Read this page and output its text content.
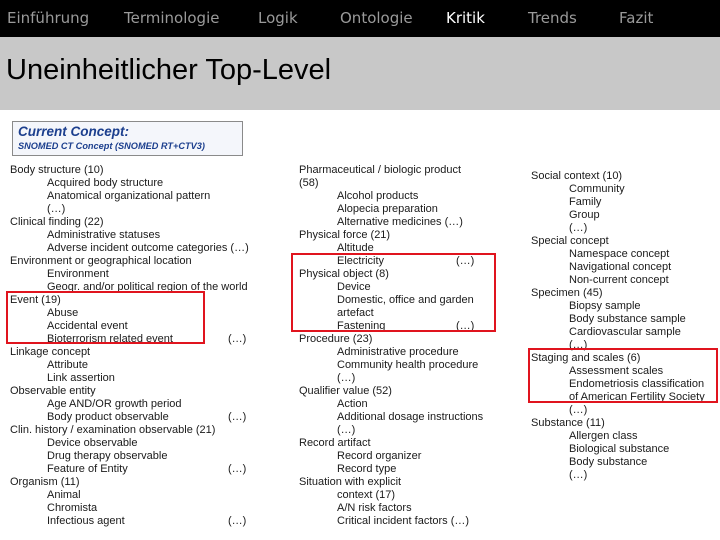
Einführung Terminologie	Logik	Ontologie Kritik	Trends	Fazit
Uneinheitlicher Top-Level
Current Concept:
SNOMED CT Concept (SNOMED RT+CTV3)
Body structure (10)
Acquired body structure
Anatomical organizational pattern
(…)
Clinical finding (22)
Administrative statuses
Adverse incident outcome categories (…)
Environment or geographical location
Environment
Geogr. and/or political region of the world
Event (19)
Abuse
Accidental event
Bioterrorism related event	(…)
Linkage concept
Attribute
Link assertion
Observable entity
Age AND/OR growth period
Body product observable	(…)
Clin. history / examination observable (21)
Device observable
Drug therapy observable
Feature of Entity	(…)
Organism (11)
Animal
Chromista
Infectious agent	(…)
Pharmaceutical / biologic product
(58)
Alcohol products
Alopecia preparation
Alternative medicines (…)
Physical force (21)
Altitude
Electricity	(…)
Physical object (8)
Device
Domestic, office and garden
artefact
Fastening	(…)
Procedure (23)
Administrative procedure
Community health procedure
(…)
Qualifier value (52)
Action
Additional dosage instructions
(…)
Record artifact
Record organizer
Record type
Situation with explicit
context (17)
A/N risk factors
Critical incident factors (…)
Social context (10)
Community
Family
Group
(…)
Special concept
Namespace concept
Navigational concept
Non-current concept
Specimen (45)
Biopsy sample
Body substance sample
Cardiovascular sample
(…)
Staging and scales (6)
Assessment scales
Endometriosis classification
of American Fertility Society
(…)
Substance (11)
Allergen class
Biological substance
Body substance
(…)
